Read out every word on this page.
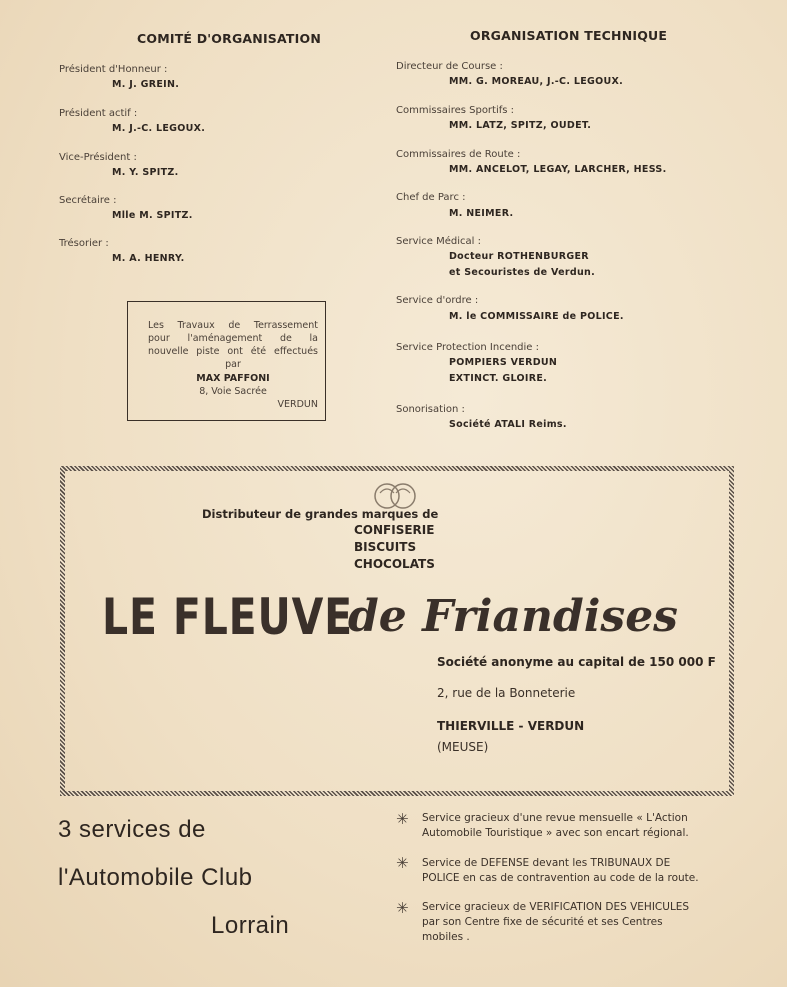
COMITÉ D'ORGANISATION
Président d'Honneur :
M. J. GREIN.
Président actif :
M. J.-C. LEGOUX.
Vice-Président :
M. Y. SPITZ.
Secrétaire :
Mlle M. SPITZ.
Trésorier :
M. A. HENRY.
Les Travaux de Terrassement
pour l'aménagement de la
nouvelle piste ont été effectués
par
MAX PAFFONI
8, Voie Sacrée
VERDUN
ORGANISATION TECHNIQUE
Directeur de Course :
MM. G. MOREAU, J.-C. LEGOUX.
Commissaires Sportifs :
MM. LATZ, SPITZ, OUDET.
Commissaires de Route :
MM. ANCELOT, LEGAY, LARCHER, HESS.
Chef de Parc :
M. NEIMER.
Service Médical :
Docteur ROTHENBURGER
et Secouristes de Verdun.
Service d'ordre :
M. le COMMISSAIRE de POLICE.
Service Protection Incendie :
POMPIERS VERDUN
EXTINCT. GLOIRE.
Sonorisation :
Société ATALI Reims.
Distributeur de grandes marques de
CONFISERIE
BISCUITS
CHOCOLATS
LE FLEUVE
de Friandises
Société anonyme au capital de 150 000 F
2, rue de la Bonneterie
THIERVILLE - VERDUN
(MEUSE)
3 services de
l'Automobile Club
Lorrain
✳ Service gracieux d'une revue mensuelle « L'Action
Automobile Touristique » avec son encart régional.
✳ Service de DEFENSE devant les TRIBUNAUX DE
POLICE en cas de contravention au code de la route.
✳ Service gracieux de VERIFICATION DES VEHICULES
par son Centre fixe de sécurité et ses Centres
mobiles .
